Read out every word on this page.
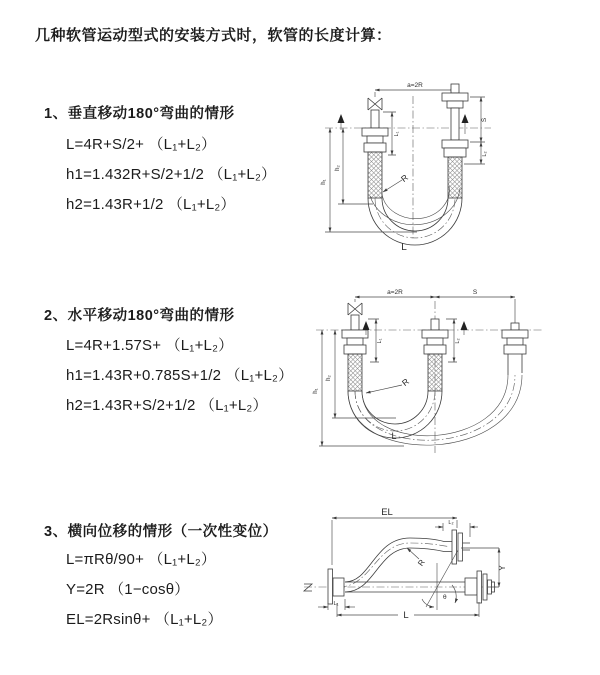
几种软管运动型式的安装方式时，软管的长度计算：
1、垂直移动180°弯曲的情形
L=4R+S/2+ （L₁+L₂）
h1=1.432R+S/2+1/2 （L₁+L₂）
h2=1.43R+1/2 （L₁+L₂）
2、水平移动180°弯曲的情形
L=4R+1.57S+ （L₁+L₂）
h1=1.43R+0.785S+1/2 （L₁+L₂）
h2=1.43R+S/2+1/2 （L₁+L₂）
3、横向位移的情形（一次性变位）
L=πRθ/90+ （L₁+L₂）
Y=2R （1−cosθ）
EL=2Rsinθ+ （L₁+L₂）
a=2R
h₁
h₂
L₁
S
L₂
R
L
a=2R	S
h₁
h₂
L₁	L₂
R
L
EL
L₂
Y
L
L₁
θ
R
